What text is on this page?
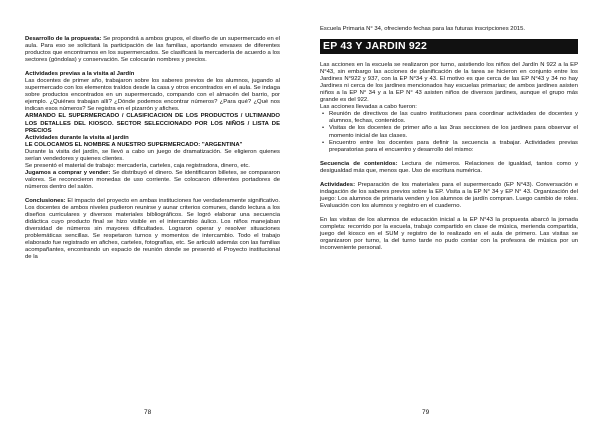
Desarrollo de la propuesta: Se propondrá a ambos grupos, el diseño de un supermercado en el aula. Para eso se solicitará la participación de las familias, aportando envases de diferentes productos que encontramos en los supermercados. Se clasificará la mercadería de acuerdo a los sectores (góndolas) y conservación. Se colocarán nombres y precios.

Actividades previas a la visita al Jardín

Las docentes de primer año, trabajaron sobre los saberes previos de los alumnos, jugando al supermercado con los elementos traídos desde la casa y otros encontrados en el aula. Se indaga sobre productos encontrados en un supermercado, compando con el almacén del barrio, por ejemplo. ¿Quiénes trabajan allí? ¿Dónde podemos encontrar números? ¿Para qué? ¿Qué nos indican esos números? Se registra en el pizarrón y afiches.

ARMANDO EL SUPERMERCADO / CLASIFICACION DE LOS PRODUCTOS / ULTIMANDO LOS DETALLES DEL KIOSCO. SECTOR SELECCIONADO POR LOS NIÑOS / LISTA DE PRECIOS

Actividades durante la visita al jardín

LE COLOCAMOS EL NOMBRE A NUESTRO SUPERMERCADO: "ARGENTINA"

Durante la visita del jardín, se llevó a cabo un juego de dramatización. Se eligieron quienes serían vendedores y quienes clientes.

Se presentó el material de trabajo: mercadería, carteles, caja registradora, dinero, etc.

Jugamos a comprar y vender: Se distribuyó el dinero. Se identificaron billetes, se compararon valores. Se reconocieron monedas de uso corriente. Se colocaron diferentes portadores de números dentro del salón.

Conclusiones: El impacto del proyecto en ambas instituciones fue verdaderamente significativo. Los docentes de ambos niveles pudieron reunirse y aunar criterios comunes, dando lectura a los diseños curriculares y diversos materiales bibliográficos. Se logró elaborar una secuencia didáctica cuyo producto final se hizo visible en el intercambio áulico. Los niños manejaban diversidad de números sin mayores dificultades. Lograron operar y resolver situaciones problemáticas sencillas. Se respetaron turnos y momentos de intercambio. Todo el trabajo elaborado fue registrado en afiches, carteles, fotografías, etc. Se articuló además con las familias acompañantes, encontrando un espacio de reunión donde se presentó el Proyecto institucional de la

Escuela Primaria N° 34, ofreciendo fechas para las futuras inscripciones 2015.

EP 43 Y JARDIN 922

Las acciones en la escuela se realizaron por turno, asistiendo los niños del Jardín N 922 a la EP N°43, sin embargo las acciones de planificación de la tarea se hicieron en conjunto entre los Jardines N°922 y 937, con la EP N°34 y 43. El motivo es que cerca de las EP N°43 y 34 no hay Jardines ni cerca de los jardines mencionados hay escuelas primarias; de ambos jardines asisten niños a la EP N° 34 y a la EP N° 43 asisten niños de diversos jardines, aunque el grupo más grande es del 922.

Las acciones llevadas a cabo fueron:

• Reunión de directivos de las cuatro instituciones para coordinar actividades de docentes y alumnos, fechas, contenidos.
• Visitas de los docentes de primer año a las 3ras secciones de los jardines para observar el momento inicial de las clases.
• Encuentro entre los docentes para definir la secuencia a trabajar. Actividades previas preparatorias para el encuentro y desarrollo del mismo:

Secuencia de contenidos: Lectura de números. Relaciones de igualdad, tantos como y desigualdad más que, menos que. Uso de escritura numérica.

Actividades: Preparación de los materiales para el supermercado (EP N°43). Conversación e indagación de los saberes previos sobre la EP. Visita a la EP N° 34 y EP N° 43. Organización del juego: Los alumnos de primaria venden y los alumnos de jardín compran. Luego cambio de roles. Evaluación con los alumnos y registro en el cuaderno.

En las visitas de los alumnos de educación inicial a la EP N°43 la propuesta abarcó la jornada completa: recorrido por la escuela, trabajo compartido en clase de música, merienda compartida, juego del kiosco en el SUM y registro de lo realizado en el aula de primero. Las visitas se organizaron por turno, la del turno tarde no pudo contar con la profesora de música por un inconveniente personal.

78	79
